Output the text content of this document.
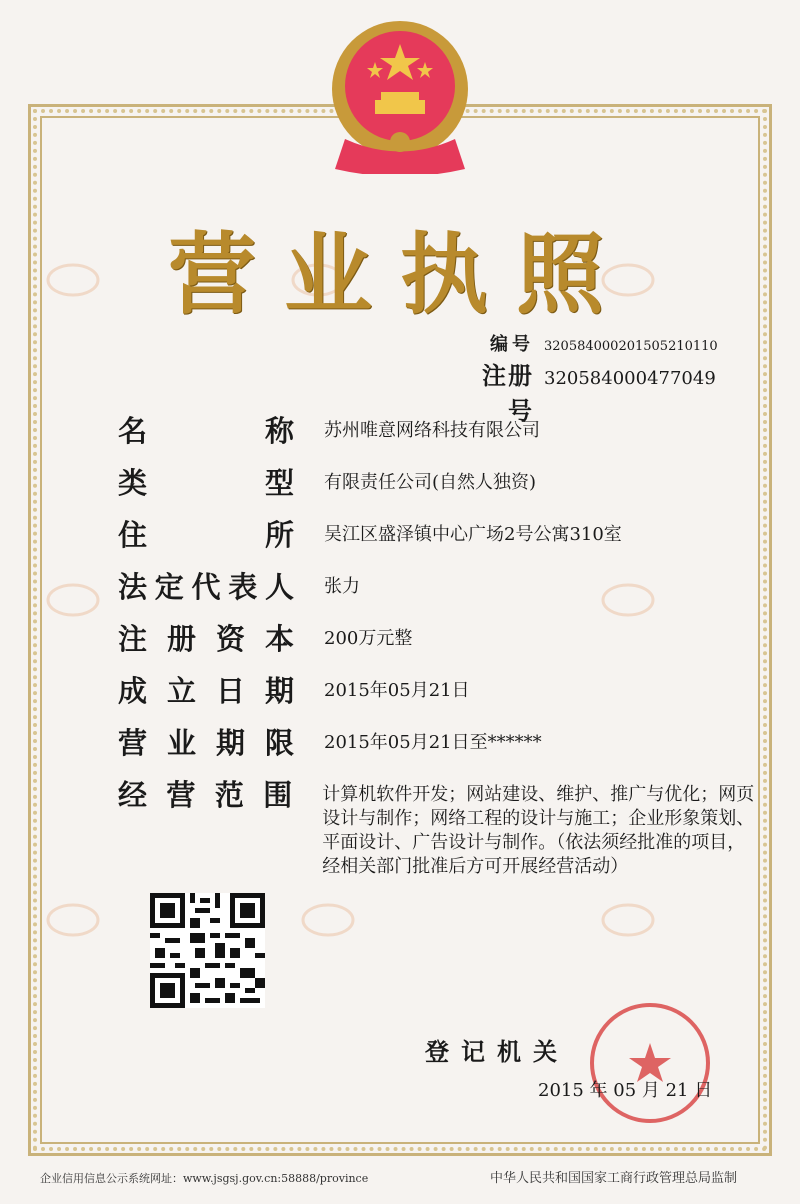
营业执照
编号 320584000201505210110
注册号
320584000477049
名	称 苏州唯意网络科技有限公司
类	型 有限责任公司(自然人独资)
住	所 吴江区盛泽镇中心广场2号公寓310室
法 定 代 表 人 张力
注 册 资 本 200万元整
成 立 日 期 2015年05月21日
营 业 期 限 2015年05月21日至******
经 营 范 围 计算机软件开发；网站建设、维护、推广与优化；网页设计与制作；网络工程的设计与施工；企业形象策划、平面设计、广告设计与制作。（依法须经批准的项目，经相关部门批准后方可开展经营活动）
登记机关
2015 年 05 月 21 日
企业信用信息公示系统网址：www.jsgsj.gov.cn:58888/province	中华人民共和国国家工商行政管理总局监制
